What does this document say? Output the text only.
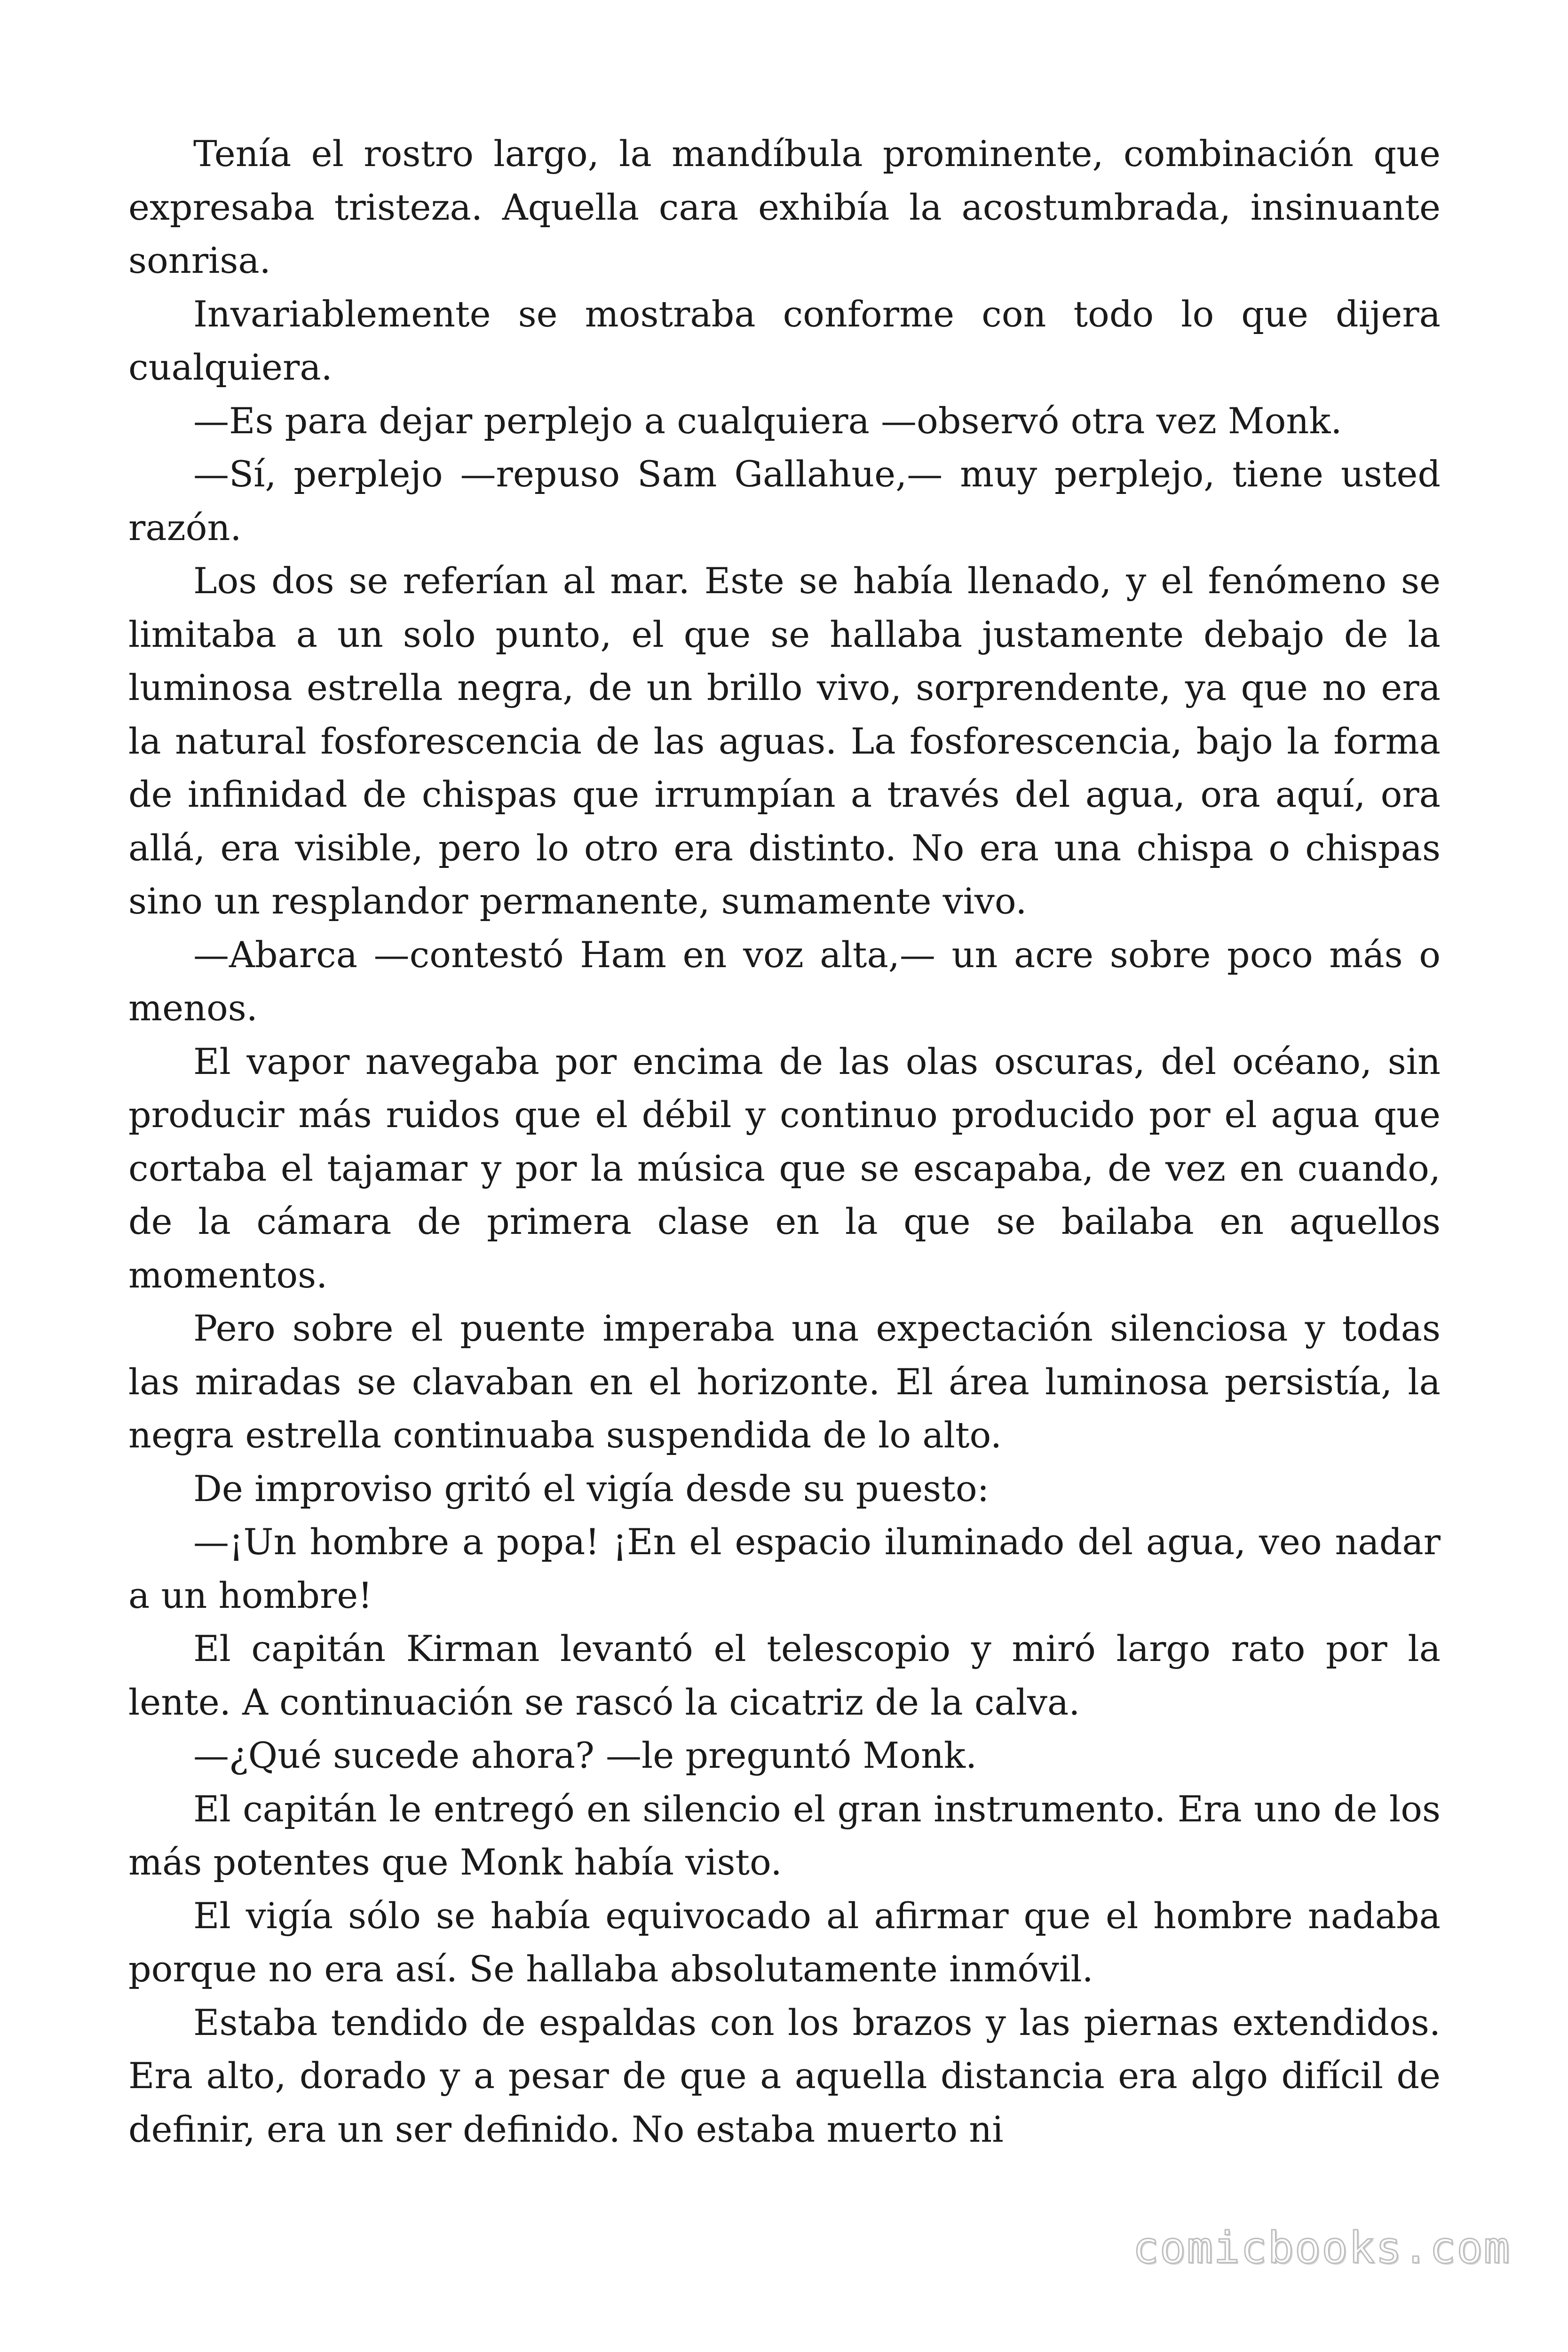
Tenía el rostro largo, la mandíbula prominente, combinación que expresaba tristeza. Aquella cara exhibía la acostumbrada, insinuante sonrisa.

Invariablemente se mostraba conforme con todo lo que dijera cualquiera.

—Es para dejar perplejo a cualquiera —observó otra vez Monk.

—Sí, perplejo —repuso Sam Gallahue,— muy perplejo, tiene usted razón.

Los dos se referían al mar. Este se había llenado, y el fenómeno se limitaba a un solo punto, el que se hallaba justamente debajo de la luminosa estrella negra, de un brillo vivo, sorprendente, ya que no era la natural fosforescencia de las aguas. La fosforescencia, bajo la forma de infinidad de chispas que irrumpían a través del agua, ora aquí, ora allá, era visible, pero lo otro era distinto. No era una chispa o chispas sino un resplandor permanente, sumamente vivo.

—Abarca —contestó Ham en voz alta,— un acre sobre poco más o menos.

El vapor navegaba por encima de las olas oscuras, del océano, sin producir más ruidos que el débil y continuo producido por el agua que cortaba el tajamar y por la música que se escapaba, de vez en cuando, de la cámara de primera clase en la que se bailaba en aquellos momentos.

Pero sobre el puente imperaba una expectación silenciosa y todas las miradas se clavaban en el horizonte. El área luminosa persistía, la negra estrella continuaba suspendida de lo alto.

De improviso gritó el vigía desde su puesto:

—¡Un hombre a popa! ¡En el espacio iluminado del agua, veo nadar a un hombre!

El capitán Kirman levantó el telescopio y miró largo rato por la lente. A continuación se rascó la cicatriz de la calva.

—¿Qué sucede ahora? —le preguntó Monk.

El capitán le entregó en silencio el gran instrumento. Era uno de los más potentes que Monk había visto.

El vigía sólo se había equivocado al afirmar que el hombre nadaba porque no era así. Se hallaba absolutamente inmóvil.

Estaba tendido de espaldas con los brazos y las piernas extendidos. Era alto, dorado y a pesar de que a aquella distancia era algo difícil de definir, era un ser definido. No estaba muerto ni

comicbooks.com
